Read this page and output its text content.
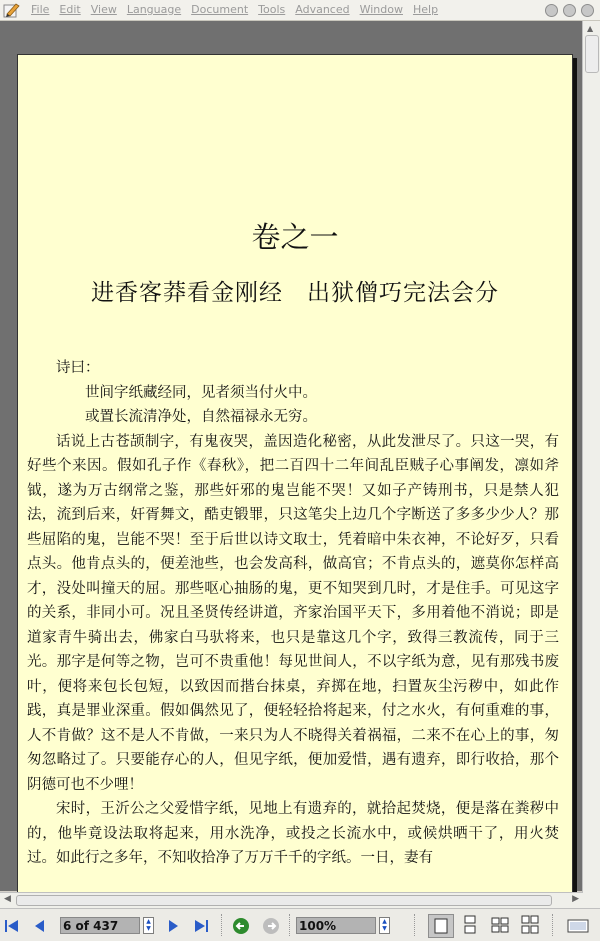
File Edit View Language Document Tools Advanced Window Help
卷之一
进香客莽看金刚经　出狱僧巧完法会分

诗曰：

世间字纸藏经同，见者须当付火中。

或置长流清净处，自然福禄永无穷。

话说上古苍颉制字，有鬼夜哭，盖因造化秘密，从此发泄尽了。只这一哭，有好些个来因。假如孔子作《春秋》，把二百四十二年间乱臣贼子心事阐发，凛如斧钺，遂为万古纲常之鉴，那些奸邪的鬼岂能不哭！又如子产铸刑书，只是禁人犯法，流到后来，奸胥舞文，酷吏锻罪，只这笔尖上边几个字断送了多多少少人？那些屈陷的鬼，岂能不哭！至于后世以诗文取士，凭着暗中朱衣神，不论好歹，只看点头。他肯点头的，便差池些，也会发高科，做高官；不肯点头的，遮莫你怎样高才，没处叫撞天的屈。那些呕心抽肠的鬼，更不知哭到几时，才是住手。可见这字的关系，非同小可。况且圣贤传经讲道，齐家治国平天下，多用着他不消说；即是道家青牛骑出去，佛家白马驮将来，也只是靠这几个字，致得三教流传，同于三光。那字是何等之物，岂可不贵重他！每见世间人，不以字纸为意，见有那残书废叶，便将来包长包短，以致因而揩台抹桌，弃掷在地，扫置灰尘污秽中，如此作践，真是罪业深重。假如偶然见了，便轻轻拾将起来，付之水火，有何重难的事，人不肯做？这不是人不肯做，一来只为人不晓得关着祸福，二来不在心上的事，匆匆忽略过了。只要能存心的人，但见字纸，便加爱惜，遇有遗弃，即行收拾，那个阴德可也不少哩！

宋时，王沂公之父爱惜字纸，见地上有遗弃的，就拾起焚烧，便是落在粪秽中的，他毕竟设法取将起来，用水洗净，或投之长流水中，或候烘晒干了，用火焚过。如此行之多年，不知收拾净了万万千千的字纸。一日，妻有

▲
◀	▶
6 of 437	▲
▼	100%	▲
▼
